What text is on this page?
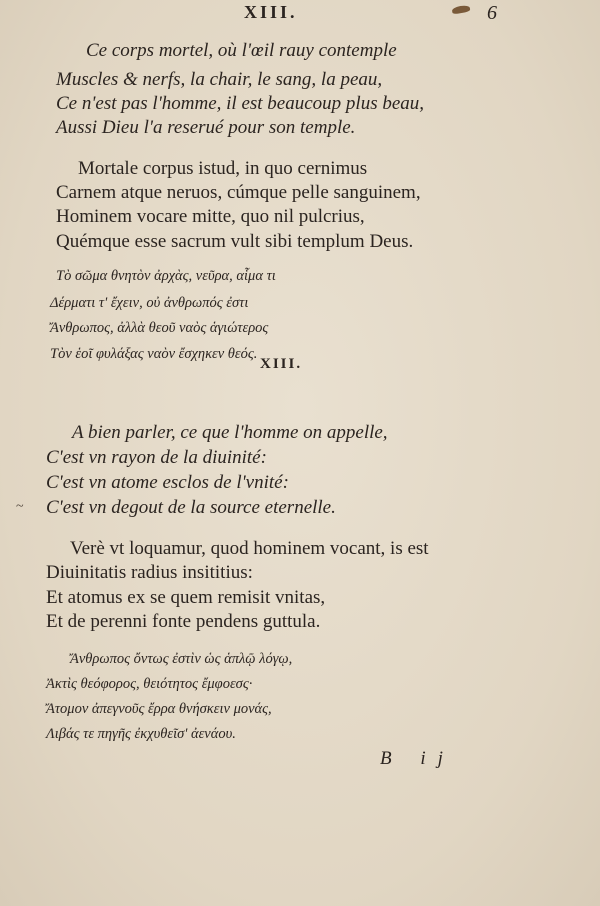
XIII.	6
Ce corps mortel, où l'œil rauy contemple
Muscles & nerfs, la chair, le sang, la peau,
Ce n'est pas l'homme, il est beaucoup plus beau,
Aussi Dieu l'a reserué pour son temple.
Mortale corpus istud, in quo cernimus
Carnem atque neruos, cúmque pelle sanguinem,
Hominem vocare mitte, quo nil pulcrius,
Quémque esse sacrum vult sibi templum Deus.
Τὸ σῶμα θνητὸν ἀρχὰς, νεῦρα, αἷμα τι
Δέρματι τ' ἔχειν, οὐ ἀνθρωπός ἐστι
Ἄνθρωπος, ἀλλὰ θεοῦ ναὸς ἁγιώτερος
Τὸν ἑοῖ φυλάξας ναὸν ἔσχηκεν θεός.
XIII.
A bien parler, ce que l'homme on appelle,
C'est vn rayon de la diuinité:
C'est vn atome esclos de l'vnité:
C'est vn degout de la source eternelle.
~
Verè vt loquamur, quod hominem vocant, is est
Diuinitatis radius insititius:
Et atomus ex se quem remisit vnitas,
Et de perenni fonte pendens guttula.
Ἄνθρωπος ὄντως ἐστὶν ὡς ἁπλῷ λόγῳ,
Ἀκτὶς θεόφορος, θειότητος ἔμφοεσς·
Ἄτομον ἀπεγνοῦς ἔρρα θνήσκειν μονάς,
Λιβάς τε πηγῆς ἐκχυθεῖσ' ἀενάου.
B ij
